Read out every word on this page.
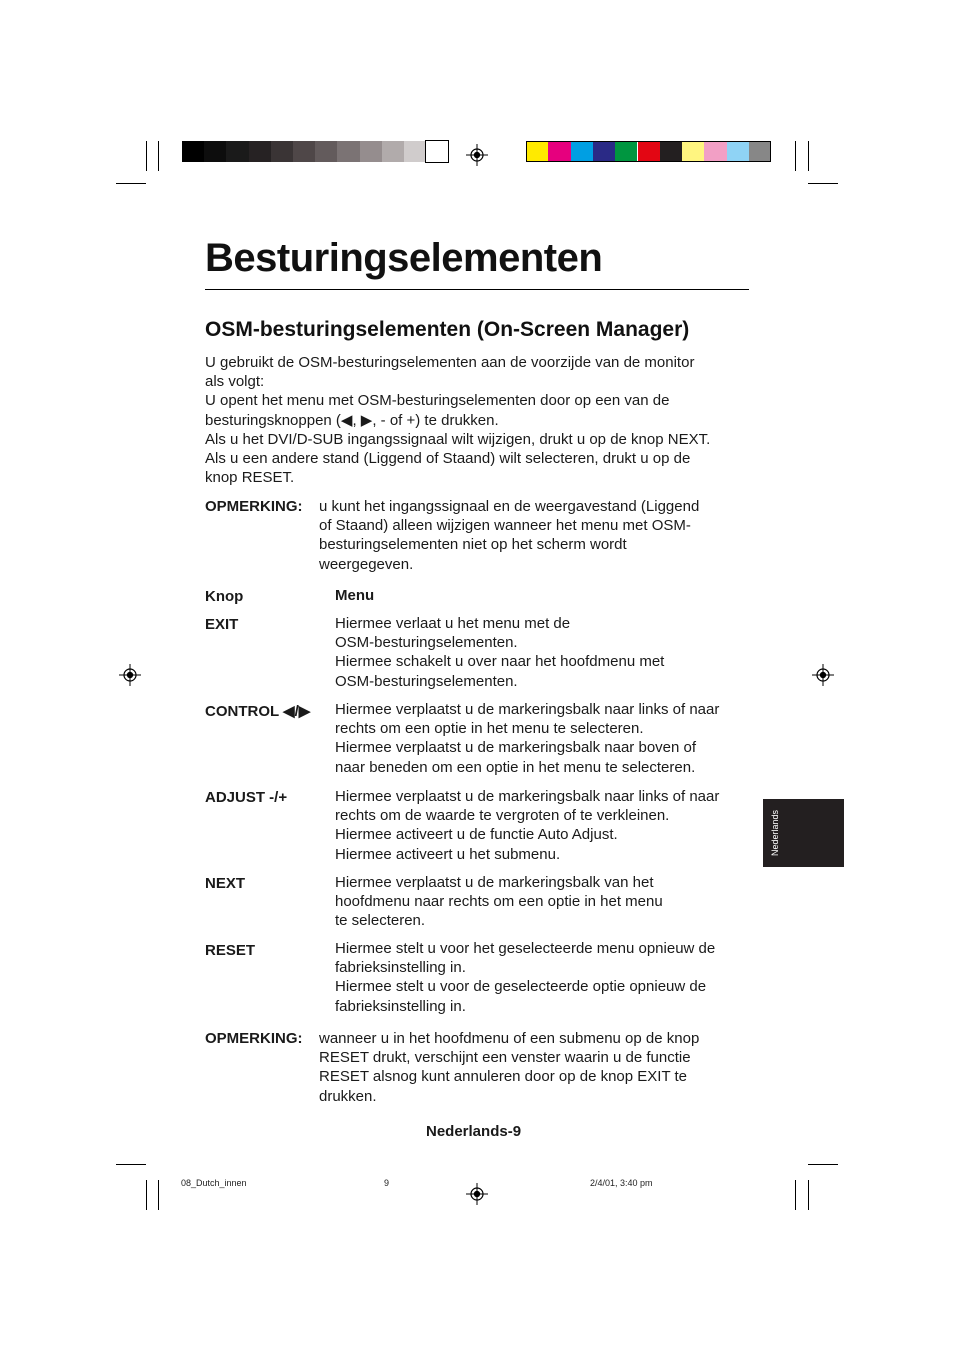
Besturingselementen
OSM-besturingselementen (On-Screen Manager)
U gebruikt de OSM-besturingselementen aan de voorzijde van de monitor
als volgt:
U opent het menu met OSM-besturingselementen door op een van de
besturingsknoppen (◀, ▶, - of +) te drukken.
Als u het DVI/D-SUB ingangssignaal wilt wijzigen, drukt u op de knop NEXT.
Als u een andere stand (Liggend of Staand) wilt selecteren, drukt u op de
knop RESET.
OPMERKING: u kunt het ingangssignaal en de weergavestand (Liggend
of Staand) alleen wijzigen wanneer het menu met OSM-
besturingselementen niet op het scherm wordt
weergegeven.
Knop	Menu
EXIT	Hiermee verlaat u het menu met de
OSM-besturingselementen.
Hiermee schakelt u over naar het hoofdmenu met
OSM-besturingselementen.
CONTROL ◀/▶ Hiermee verplaatst u de markeringsbalk naar links of naar
rechts om een optie in het menu te selecteren.
Hiermee verplaatst u de markeringsbalk naar boven of
naar beneden om een optie in het menu te selecteren.
ADJUST -/+	Hiermee verplaatst u de markeringsbalk naar links of naar
rechts om de waarde te vergroten of te verkleinen.
Hiermee activeert u de functie Auto Adjust.
Hiermee activeert u het submenu.
NEXT	Hiermee verplaatst u de markeringsbalk van het
hoofdmenu naar rechts om een optie in het menu
te selecteren.
RESET	Hiermee stelt u voor het geselecteerde menu opnieuw de
fabrieksinstelling in.
Hiermee stelt u voor de geselecteerde optie opnieuw de
fabrieksinstelling in.
OPMERKING: wanneer u in het hoofdmenu of een submenu op de knop
RESET drukt, verschijnt een venster waarin u de functie
RESET alsnog kunt annuleren door op de knop EXIT te
drukken.
Nederlands
Nederlands-9
08_Dutch_innen	9	2/4/01, 3:40 pm
